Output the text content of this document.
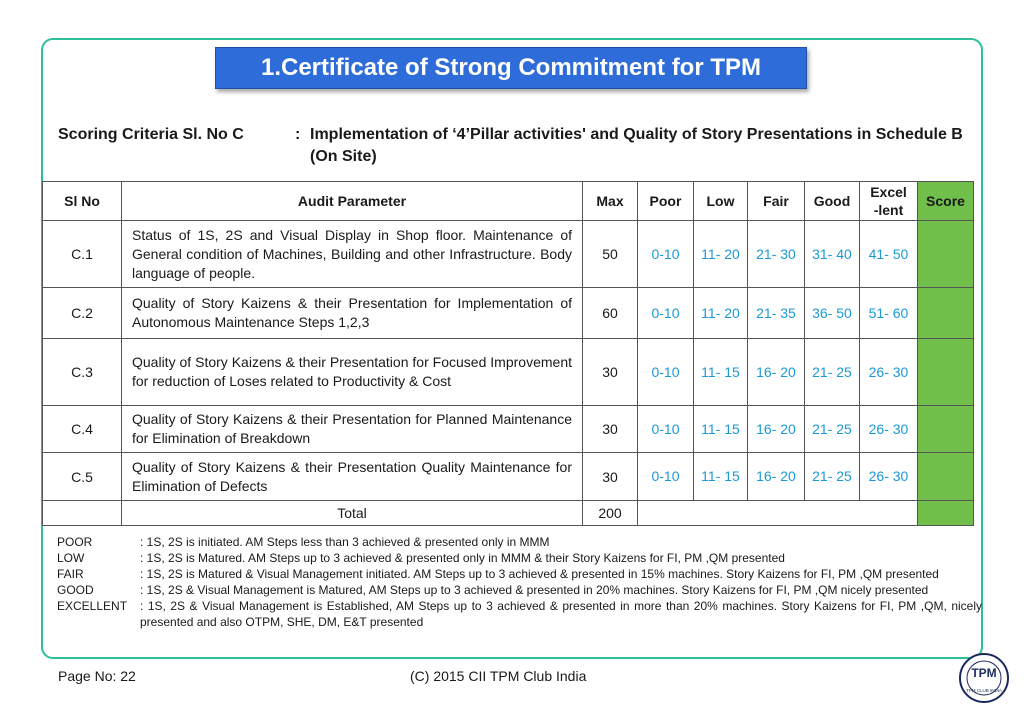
1.Certificate of Strong Commitment for TPM
Scoring Criteria Sl. No C	: Implementation of ‘4’Pillar activities' and Quality of Story Presentations in Schedule B (On Site)
Sl No	Audit Parameter	Max	Poor	Low	Fair	Good	Excel -lent	Score
C.1	Status of 1S, 2S and Visual Display in Shop floor. Maintenance of General condition of Machines, Building and other Infrastructure. Body language of people.	50	0-10	11- 20	21- 30	31- 40	41- 50	
C.2	Quality of Story Kaizens & their Presentation for Implementation of Autonomous Maintenance Steps 1,2,3	60	0-10	11- 20	21- 35	36- 50	51- 60	
C.3	Quality of Story Kaizens & their Presentation for Focused Improvement for reduction of Loses related to Productivity & Cost	30	0-10	11- 15	16- 20	21- 25	26- 30	
C.4	Quality of Story Kaizens & their Presentation for Planned Maintenance for Elimination of Breakdown	30	0-10	11- 15	16- 20	21- 25	26- 30	
C.5	Quality of Story Kaizens & their Presentation Quality Maintenance for Elimination of Defects	30	0-10	11- 15	16- 20	21- 25	26- 30	
	Total	200						
POOR	: 1S, 2S is initiated. AM Steps less than 3 achieved & presented only in MMM
LOW	: 1S, 2S is Matured. AM Steps up to 3 achieved & presented only in MMM & their Story Kaizens for FI, PM ,QM presented
FAIR	: 1S, 2S is Matured & Visual Management initiated. AM Steps up to 3 achieved & presented in 15% machines. Story Kaizens for FI, PM ,QM presented
GOOD	: 1S, 2S & Visual Management is Matured, AM Steps up to 3 achieved & presented in 20% machines. Story Kaizens for FI, PM ,QM nicely presented
EXCELLENT : 1S, 2S & Visual Management is Established, AM Steps up to 3 achieved & presented in more than 20% machines. Story Kaizens for FI, PM ,QM, nicely presented and also OTPM, SHE, DM, E&T presented
Page No: 22	(C) 2015 CII TPM Club India	TPM
TPM CLUB INDIA
